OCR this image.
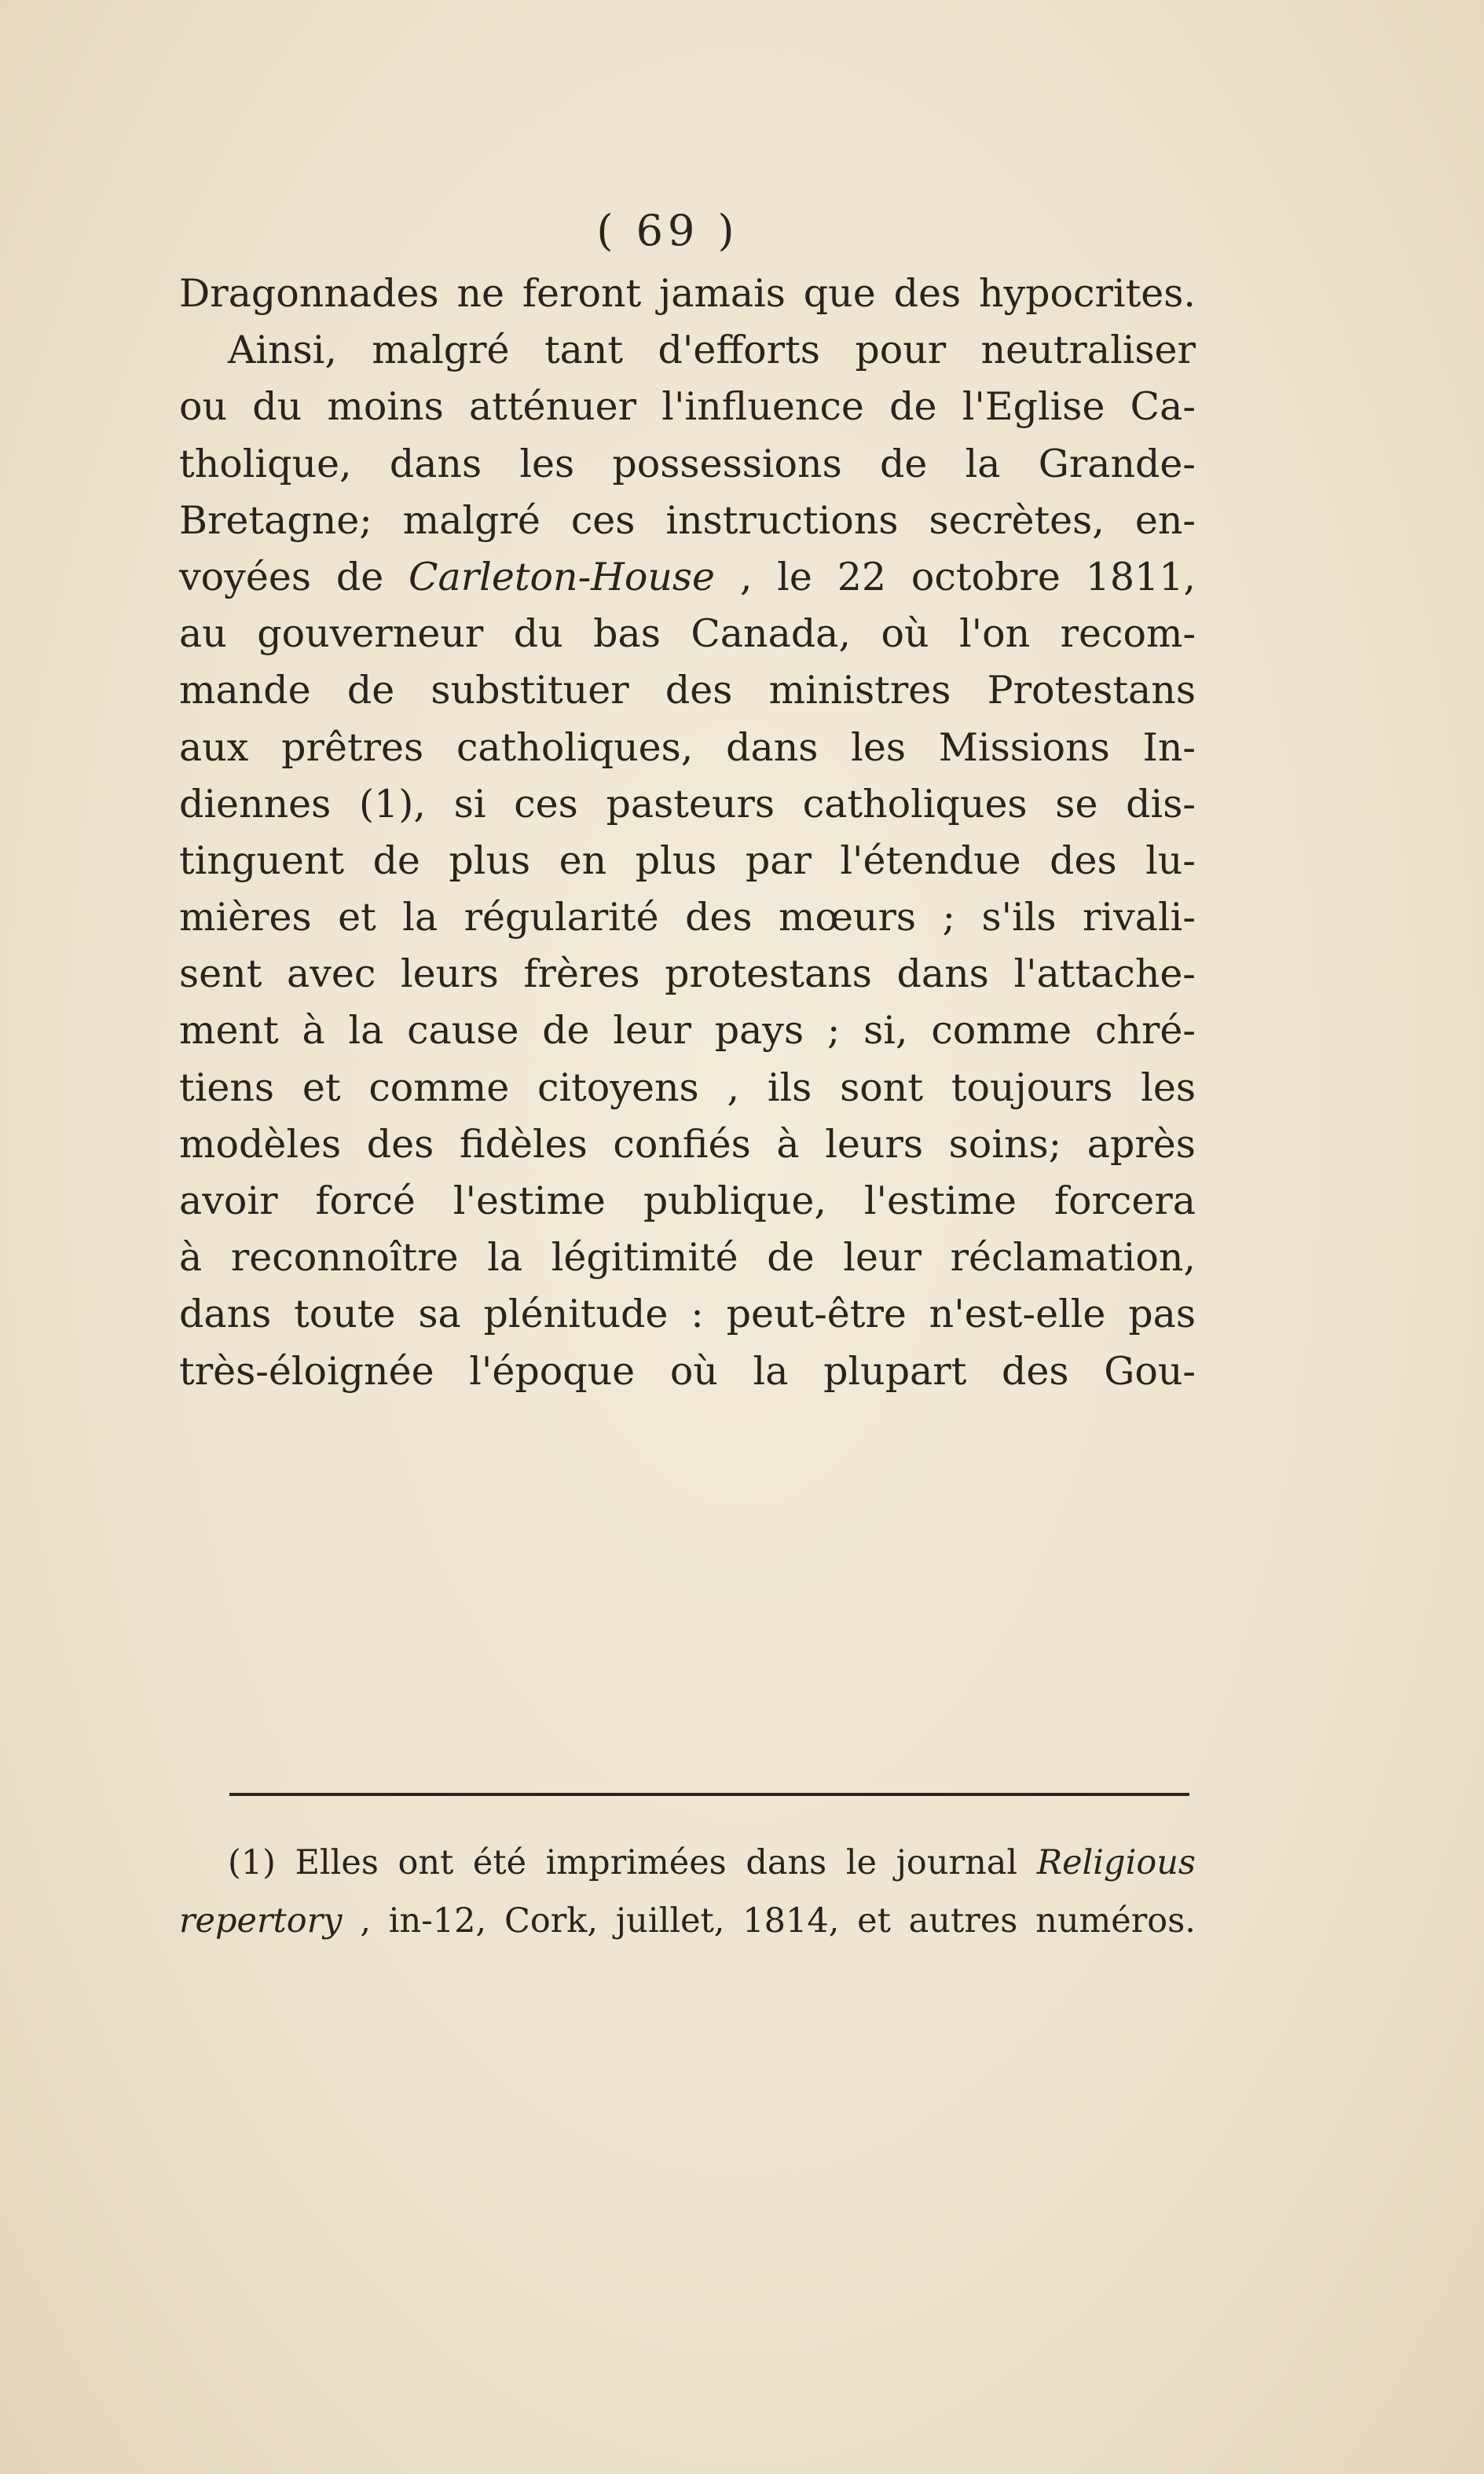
( 69 )
Dragonnades ne feront jamais que des hypocrites.
Ainsi, malgré tant d'efforts pour neutraliser
ou du moins atténuer l'influence de l'Eglise Ca-
tholique, dans les possessions de la Grande-
Bretagne; malgré ces instructions secrètes, en-
voyées de Carleton-House , le 22 octobre 1811,
au gouverneur du bas Canada, où l'on recom-
mande de substituer des ministres Protestans
aux prêtres catholiques, dans les Missions In-
diennes (1), si ces pasteurs catholiques se dis-
tinguent de plus en plus par l'étendue des lu-
mières et la régularité des mœurs ; s'ils rivali-
sent avec leurs frères protestans dans l'attache-
ment à la cause de leur pays ; si, comme chré-
tiens et comme citoyens , ils sont toujours les
modèles des fidèles confiés à leurs soins; après
avoir forcé l'estime publique, l'estime forcera
à reconnoître la légitimité de leur réclamation,
dans toute sa plénitude : peut-être n'est-elle pas
très-éloignée l'époque où la plupart des Gou-
(1) Elles ont été imprimées dans le journal Religious
repertory , in-12, Cork, juillet, 1814, et autres numéros.
